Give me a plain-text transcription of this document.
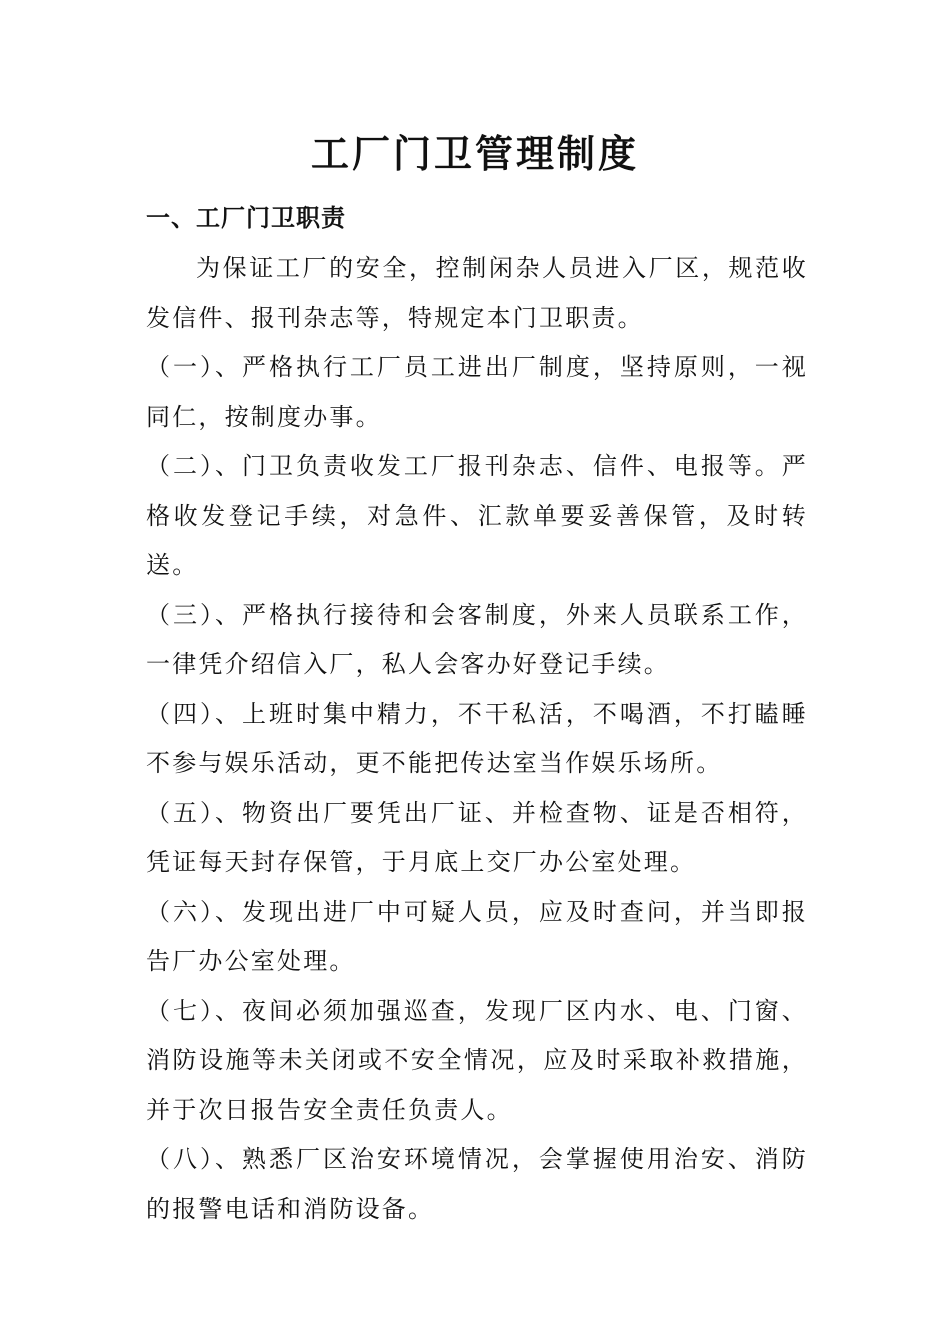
工厂门卫管理制度
一、工厂门卫职责

为保证工厂的安全，控制闲杂人员进入厂区，规范收发信件、报刊杂志等，特规定本门卫职责。

（一）、严格执行工厂员工进出厂制度，坚持原则，一视同仁，按制度办事。

（二）、门卫负责收发工厂报刊杂志、信件、电报等。严格收发登记手续，对急件、汇款单要妥善保管，及时转送。

（三）、严格执行接待和会客制度，外来人员联系工作，一律凭介绍信入厂，私人会客办好登记手续。

（四）、上班时集中精力，不干私活，不喝酒，不打瞌睡不参与娱乐活动，更不能把传达室当作娱乐场所。

（五）、物资出厂要凭出厂证、并检查物、证是否相符，凭证每天封存保管，于月底上交厂办公室处理。

（六）、发现出进厂中可疑人员，应及时查问，并当即报告厂办公室处理。

（七）、夜间必须加强巡查，发现厂区内水、电、门窗、消防设施等未关闭或不安全情况，应及时采取补救措施，并于次日报告安全责任负责人。

（八）、熟悉厂区治安环境情况，会掌握使用治安、消防的报警电话和消防设备。
